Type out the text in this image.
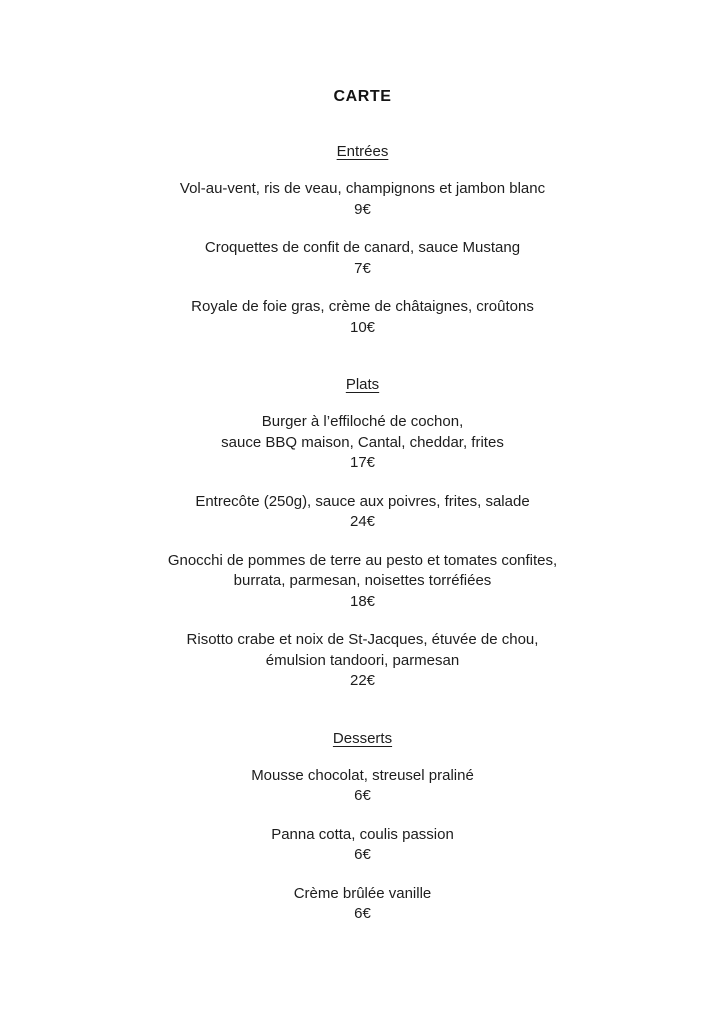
CARTE
Entrées
Vol-au-vent, ris de veau, champignons et jambon blanc
9€
Croquettes de confit de canard, sauce Mustang
7€
Royale de foie gras, crème de châtaignes, croûtons
10€
Plats
Burger à l’effiloché de cochon,
sauce BBQ maison, Cantal, cheddar, frites
17€
Entrecôte (250g), sauce aux poivres, frites, salade
24€
Gnocchi de pommes de terre au pesto et tomates confites,
burrata, parmesan, noisettes torréfiées
18€
Risotto crabe et noix de St-Jacques, étuvée de chou,
émulsion tandoori, parmesan
22€
Desserts
Mousse chocolat, streusel praliné
6€
Panna cotta, coulis passion
6€
Crème brûlée vanille
6€
